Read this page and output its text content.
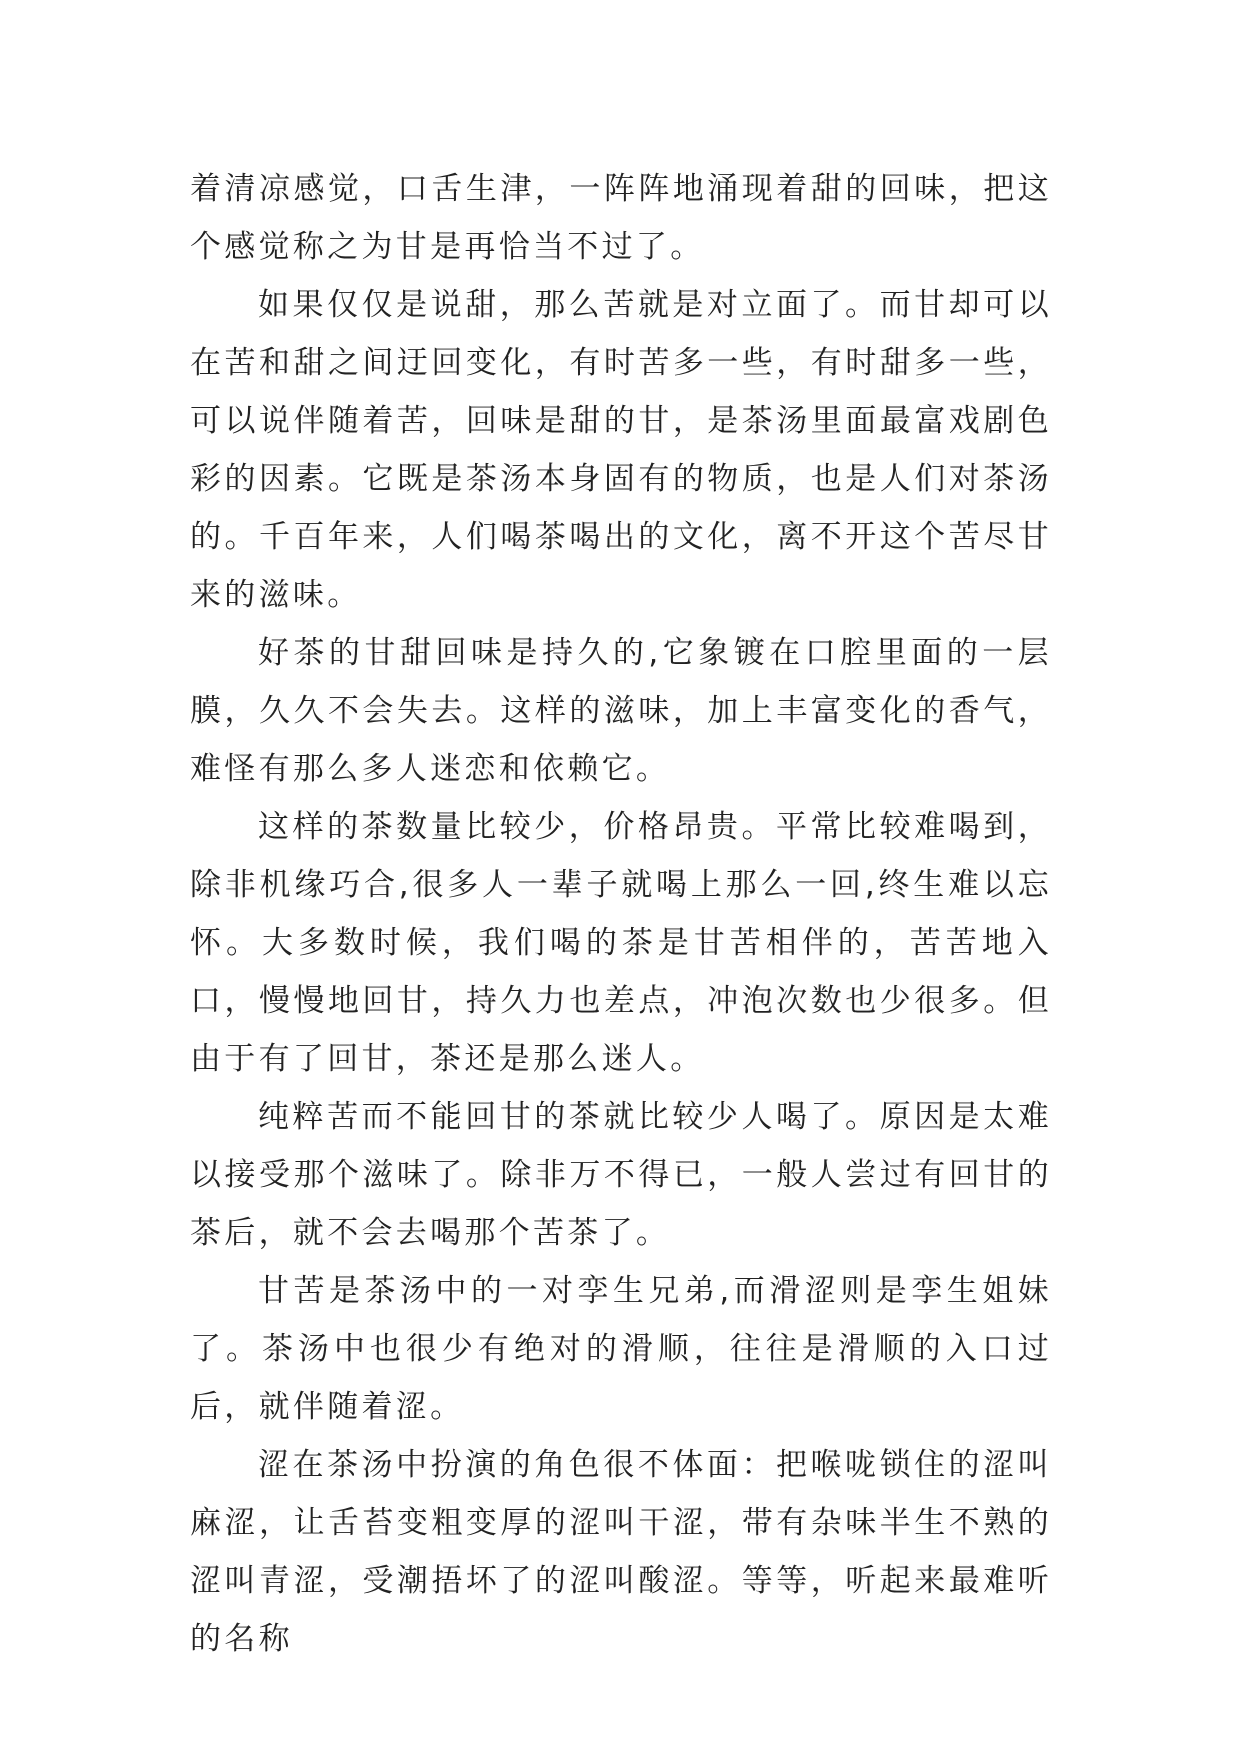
着清凉感觉，口舌生津，一阵阵地涌现着甜的回味，把这个感觉称之为甘是再恰当不过了。

如果仅仅是说甜，那么苦就是对立面了。而甘却可以在苦和甜之间迂回变化，有时苦多一些，有时甜多一些，可以说伴随着苦，回味是甜的甘，是茶汤里面最富戏剧色彩的因素。它既是茶汤本身固有的物质，也是人们对茶汤的。千百年来，人们喝茶喝出的文化，离不开这个苦尽甘来的滋味。

好茶的甘甜回味是持久的,它象镀在口腔里面的一层膜，久久不会失去。这样的滋味，加上丰富变化的香气，难怪有那么多人迷恋和依赖它。

这样的茶数量比较少，价格昂贵。平常比较难喝到，除非机缘巧合,很多人一辈子就喝上那么一回,终生难以忘怀。大多数时候，我们喝的茶是甘苦相伴的，苦苦地入口，慢慢地回甘，持久力也差点，冲泡次数也少很多。但由于有了回甘，茶还是那么迷人。

纯粹苦而不能回甘的茶就比较少人喝了。原因是太难以接受那个滋味了。除非万不得已，一般人尝过有回甘的茶后，就不会去喝那个苦茶了。

甘苦是茶汤中的一对孪生兄弟,而滑涩则是孪生姐妹了。茶汤中也很少有绝对的滑顺，往往是滑顺的入口过后，就伴随着涩。

涩在茶汤中扮演的角色很不体面：把喉咙锁住的涩叫麻涩，让舌苔变粗变厚的涩叫干涩，带有杂味半生不熟的涩叫青涩，受潮捂坏了的涩叫酸涩。等等，听起来最难听的名称
